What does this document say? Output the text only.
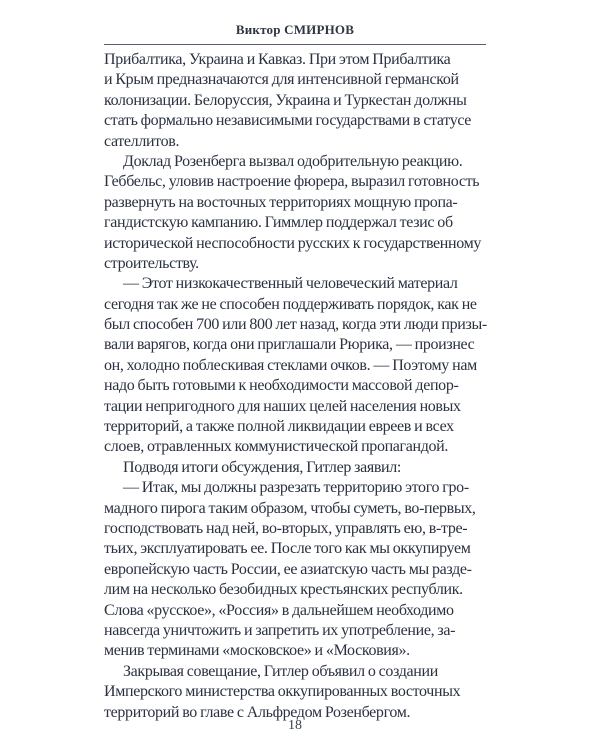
Виктор СМИРНОВ
Прибалтика, Украина и Кавказ. При этом Прибалтика
и Крым предназначаются для интенсивной германской
колонизации. Белоруссия, Украина и Туркестан должны
стать формально независимыми государствами в статусе
сателлитов.
Доклад Розенберга вызвал одобрительную реакцию.
Геббельс, уловив настроение фюрера, выразил готовность
развернуть на восточных территориях мощную пропа-
гандистскую кампанию. Гиммлер поддержал тезис об
исторической неспособности русских к государственному
строительству.
— Этот низкокачественный человеческий материал
сегодня так же не способен поддерживать порядок, как не
был способен 700 или 800 лет назад, когда эти люди призы-
вали варягов, когда они приглашали Рюрика, — произнес
он, холодно поблескивая стеклами очков. — Поэтому нам
надо быть готовыми к необходимости массовой депор-
тации непригодного для наших целей населения новых
территорий, а также полной ликвидации евреев и всех
слоев, отравленных коммунистической пропагандой.
Подводя итоги обсуждения, Гитлер заявил:
— Итак, мы должны разрезать территорию этого гро-
мадного пирога таким образом, чтобы суметь, во-первых,
господствовать над ней, во-вторых, управлять ею, в-тре-
тьих, эксплуатировать ее. После того как мы оккупируем
европейскую часть России, ее азиатскую часть мы разде-
лим на несколько безобидных крестьянских республик.
Слова «русское», «Россия» в дальнейшем необходимо
навсегда уничтожить и запретить их употребление, за-
менив терминами «московское» и «Московия».
Закрывая совещание, Гитлер объявил о создании
Имперского министерства оккупированных восточных
территорий во главе с Альфредом Розенбергом.
18
